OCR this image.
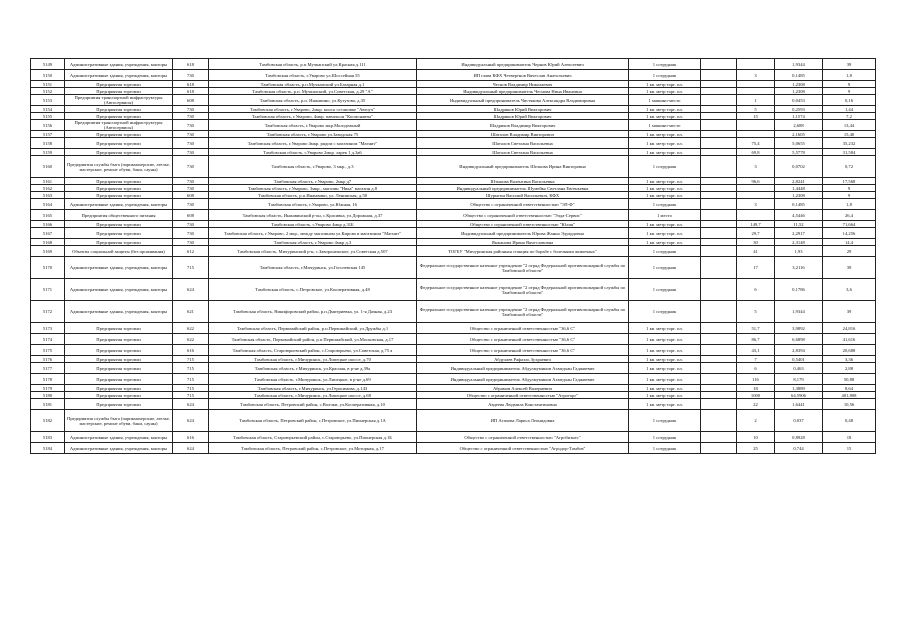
5149	Административные здания, учреждения, конторы	618	Тамбовская область, р.п.Мучкапский ул.Красная д.111	Индивидуальный предприниматель Чернов Юрий Алексеевич	1 сотрудник			1,9344	39
5150	Административные здания, учреждения, конторы	730	Тамбовская область, г.Уварово ул.Шоссейная 55	ИП глава КФХ Четвертнов Вячеслав Анатольевич	1 сотрудник		3	0,1485	1,8
5151	Предприятия торговли	618	Тамбовская область, р.п.Мучкапский ул.Базарная д.1	Чеснов Владимир Николаевич	1 кв. метр торг. пл.			1,2308	9
5152	Предприятия торговли	618	Тамбовская область, р.п. Мучкапский, ул.Советская, д.29 "А"	Индивидуальный предприниматель Чеснова Нина Ивановна	1 кв. метр торг. пл.			1,2308	9
5153	Предприятия транспортной инфраструктуры (Автосервисы)	608	Тамбовская область, р.п. Инжавино, ул.Кутузова, д.35	Индивидуальный предприниматель Чистякова Александра Владимировна	1 машино-место		1	0,0453	0,16
5154	Предприятия торговли	730	Тамбовская область, г.Уварово, 2мкр. киоск остановке "Автоуч"	Шадриков Юрий Викторович	1 кв. метр торг. пл.		5	0,2593	1,44
5155	Предприятия торговли	730	Тамбовская область, г.Уварово, 4мкр. павильон "Космонавты"	Шадриков Юрий Викторович	1 кв. метр торг. пл.		15	1,1574	7,2
5156	Предприятия транспортной инфраструктуры (Автосервисы)	730	Тамбовская область, г.Уварово мкр.Молодежный	Шадриков Владимир Викторович	1 машино-место			2,688	13,44
5157	Предприятия торговли	730	Тамбовская область, г.Уварово ул.Заводская 75	Шаталов Владимир Викторович	1 кв. метр торг. пл.			2,1605	15,40
5158	Предприятия торговли	730	Тамбовская область, г.Уварово 4мкр. рядом с магазином "Магнит"	Шаталов Светлана Васильевна	1 кв. метр торг. пл.		75,4	5,0655	35,232
5159	Предприятия торговли	730	Тамбовская область, г.Уварово 2мкр. ларек 1 д.3а6	Шаталов Светлана Васильевна	1 кв. метр торг. пл.		69,8	5,5778	31,584
5160	Предприятия службы быта (парикмахерские, ателье, мастерские, ремонт обуви, бани, сауны)	730	Тамбовская область, г.Уварово, 3 мкр., д.3	Индивидуальный предприниматель Шелкова Ирина Викторовна	1 сотрудник		3	0,0702	0,72
5161	Предприятия торговли	730	Тамбовская область, г.Уварово, 2мкр д7	Штыкова Валентина Васильевна	1 кв. метр торг. пл.		96,6	2,8241	17,568
5162	Предприятия торговли	730	Тамбовская область, г.Уварово, 3мкр., магазин "Ника" магазин д.8	Индивидуальный предприниматель Шумейко Светлана Евгеньевна	1 кв. метр торг. пл.			1,4448	9
5163	Предприятия торговли	608	Тамбовская область, р.п.Инжавино, ул. Ленинская, д.58	Шурыгин Василий Васильевич, КФХ	1 кв. метр торг. пл.			1,2308	9
5164	Административные здания, учреждения, конторы	730	Тамбовская область, г.Уварово, ул.Южная, 16	Общество с ограниченной ответственностью "ЭЛ-Ф"	1 сотрудник		3	0,1485	1,8
5165	Предприятия общественного питания	608	Тамбовская область, Инжавинский р-он, с.Красивка, ул.Дорожная, д.37	Общество с ограниченной ответственностью "Элда-Сервис"	1 место			4,5446	26,4
5166	Предприятия торговли	730	Тамбовская область, г.Уварово 4мкр д.31Б	Общество с ограниченной ответственностью "Юлия"	1 кв. метр торг. пл.		149,7	11,52	71,664
5167	Предприятия торговли	730	Тамбовская область, г.Уварово, 2 мкр., между магазином ул.Кирова и магазином "Магнит"	Индивидуальный предприниматель Юрова Жанна Эдуардовна	1 кв. метр торг. пл.		29,7	2,2917	14,256
5168	Предприятия торговли	730	Тамбовская область, г.Уварово 4мкр д.3	Якжанова Ирина Вячеславовна	1 кв. метр торг. пл.		30	2,3148	14,4
5169	Объекты социальной защиты (без проживания)	612	Тамбовская область, Мичуринский р-н, с.Заворонежское, ул.Советская д.507	ТОГБУ "Мичуринская районная станция по борьбе с болезнями животных"	1 сотрудник		41	1,93	29
5170	Административные здания, учреждения, конторы	715	Тамбовская область, г.Мичуринск, ул.Гоголевская 145	Федеральное государственное казенное учреждение "2 отряд Федеральной противопожарной службы по Тамбовской области"	1 сотрудник		17	3,2116	39
5171	Административные здания, учреждения, конторы	624	Тамбовская область, с.Петровское, ул.Кооперативная, д.48	Федеральное государственное казенное учреждение "2 отряд Федеральной противопожарной службы по Тамбовской области"	1 сотрудник		6	0,1786	3,6
5172	Административные здания, учреждения, конторы	621	Тамбовская область, Никифоровский район, р.п.Дмитриевка, ул. 1-я Дачная, д.23	Федеральное государственное казенное учреждение "2 отряд Федеральной противопожарной службы по Тамбовской области"	1 сотрудник		5	1,9344	39
5173	Предприятия торговли	622	Тамбовская область, Первомайский район, р.п.Первомайский, ул.Дружбы д.1	Общество с ограниченной ответственностью "36,6 С"	1 кв. метр торг. пл.		51,7	3,9892	24,816
5174	Предприятия торговли	622	Тамбовская область, Первомайский район, р.п.Первомайский, ул.Московская, д.17	Общество с ограниченной ответственностью "36,6 С"	1 кв. метр торг. пл.		86,7	6,6898	41,616
5175	Предприятия торговли	616	Тамбовская область, Староюрьевский район, с.Староюрьево, ул.Советская, д.75 а	Общество с ограниченной ответственностью "36,6 С"	1 кв. метр торг. пл.		43,1	2,8394	20,688
5176	Предприятия торговли	715	Тамбовская область, г.Мичуринск, ул.Липецкое шоссе, д.70	Абдулаев Рафаэль Зухраевич	1 кв. метр торг. пл.		7	0,5401	3,36
5177	Предприятия торговли	715	Тамбовская область, г.Мичуринск, ул.Красная, в р-не д.39а	Индивидуальный предприниматель Абдулмуминов Ахмедхан Гаджиевич	1 кв. метр торг. пл.		6	0,463	2,88
5178	Предприятия торговли	715	Тамбовская область, г.Мичуринск, ул.Липецкое, в р-не д.69	Индивидуальный предприниматель Абдулмуминов Ахмедхан Гаджиевич	1 кв. метр торг. пл.		116	8,179	50,88
5179	Предприятия торговли	715	Тамбовская область, г.Мичуринск, ул.Герасимова, д.143	Абрамов Алексей Валериевич	1 кв. метр торг. пл.		18	1,3889	8,64
5180	Предприятия торговли	715	Тамбовская область, г.Мичуринск, ул.Липецкое шоссе, д.68	Общество с ограниченной ответственностью "Агроторг"	1 кв. метр торг. пл.		1000	64,5906	401,808
5181	Предприятия торговли	624	Тамбовская область, Петровский район, с.Волчки, ул.Кооперативная, д.10	Авдеева Людмила Константиновна	1 кв. метр торг. пл.		22	1,6441	10,56
5182	Предприятия службы быта (парикмахерские, ателье, мастерские, ремонт обуви, бани, сауны)	624	Тамбовская область, Петровский район, с.Петровское, ул.Пионерская д.1А	ИП Агапова Лариса Леонидовна	1 сотрудник		2	0,037	0,48
5183	Административные здания, учреждения, конторы	616	Тамбовская область, Староюрьевский район, с.Староюрьево, ул.Пионерская д.1Б	Общество с ограниченной ответственностью "Агробизнес"	1 сотрудник		10	0,8928	18
5184	Административные здания, учреждения, конторы	624	Тамбовская область, Петровский район, с.Петровское, ул.Моторная, д.17	Общество с ограниченной ответственностью "Агродор-Тамбов"	1 сотрудник		25	0,744	15
